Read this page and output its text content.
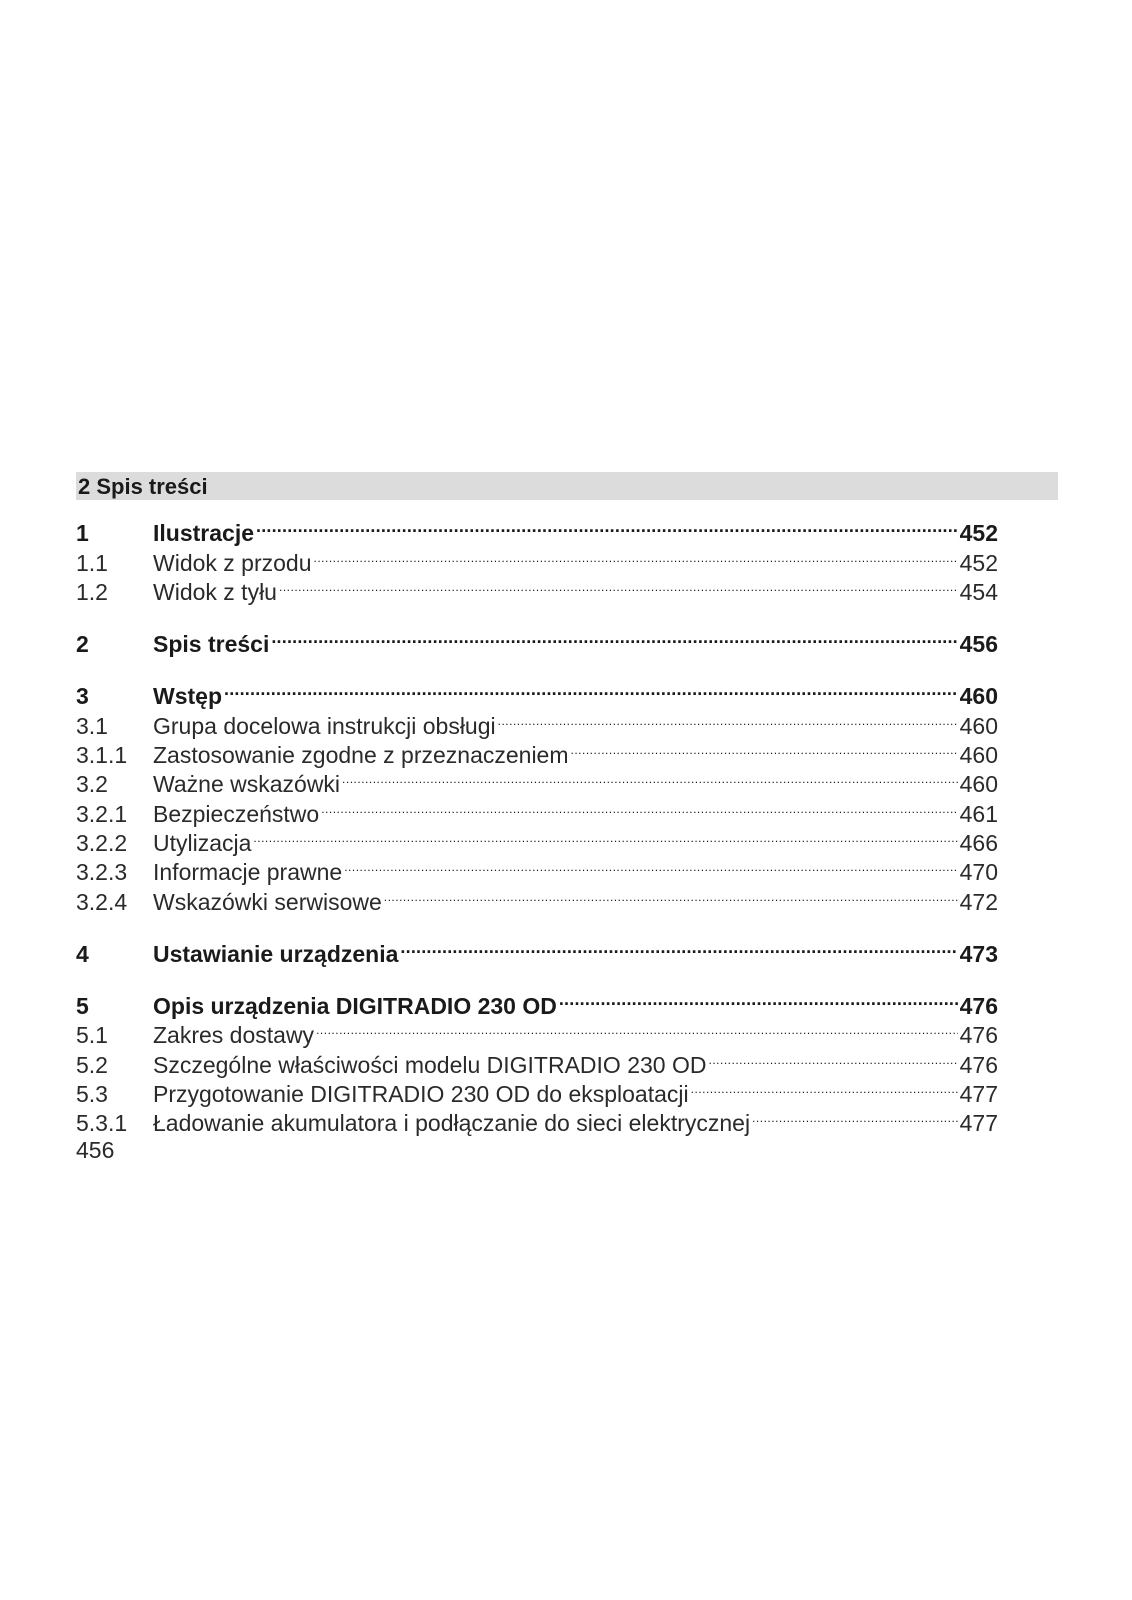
2 Spis treści
1	Ilustracje .....	452
1.1	Widok z przodu .....	452
1.2	Widok z tyłu .....	454
2	Spis treści .....	456
3	Wstęp .....	460
3.1	Grupa docelowa instrukcji obsługi .....	460
3.1.1	Zastosowanie zgodne z przeznaczeniem .....	460
3.2	Ważne wskazówki .....	460
3.2.1	Bezpieczeństwo .....	461
3.2.2	Utylizacja .....	466
3.2.3	Informacje prawne .....	470
3.2.4	Wskazówki serwisowe .....	472
4	Ustawianie urządzenia .....	473
5	Opis urządzenia DIGITRADIO 230 OD .....	476
5.1	Zakres dostawy .....	476
5.2	Szczególne właściwości modelu DIGITRADIO 230 OD .....	476
5.3	Przygotowanie DIGITRADIO 230 OD do eksploatacji .....	477
5.3.1	Ładowanie akumulatora i podłączanie do sieci elektrycznej .....	477
456
